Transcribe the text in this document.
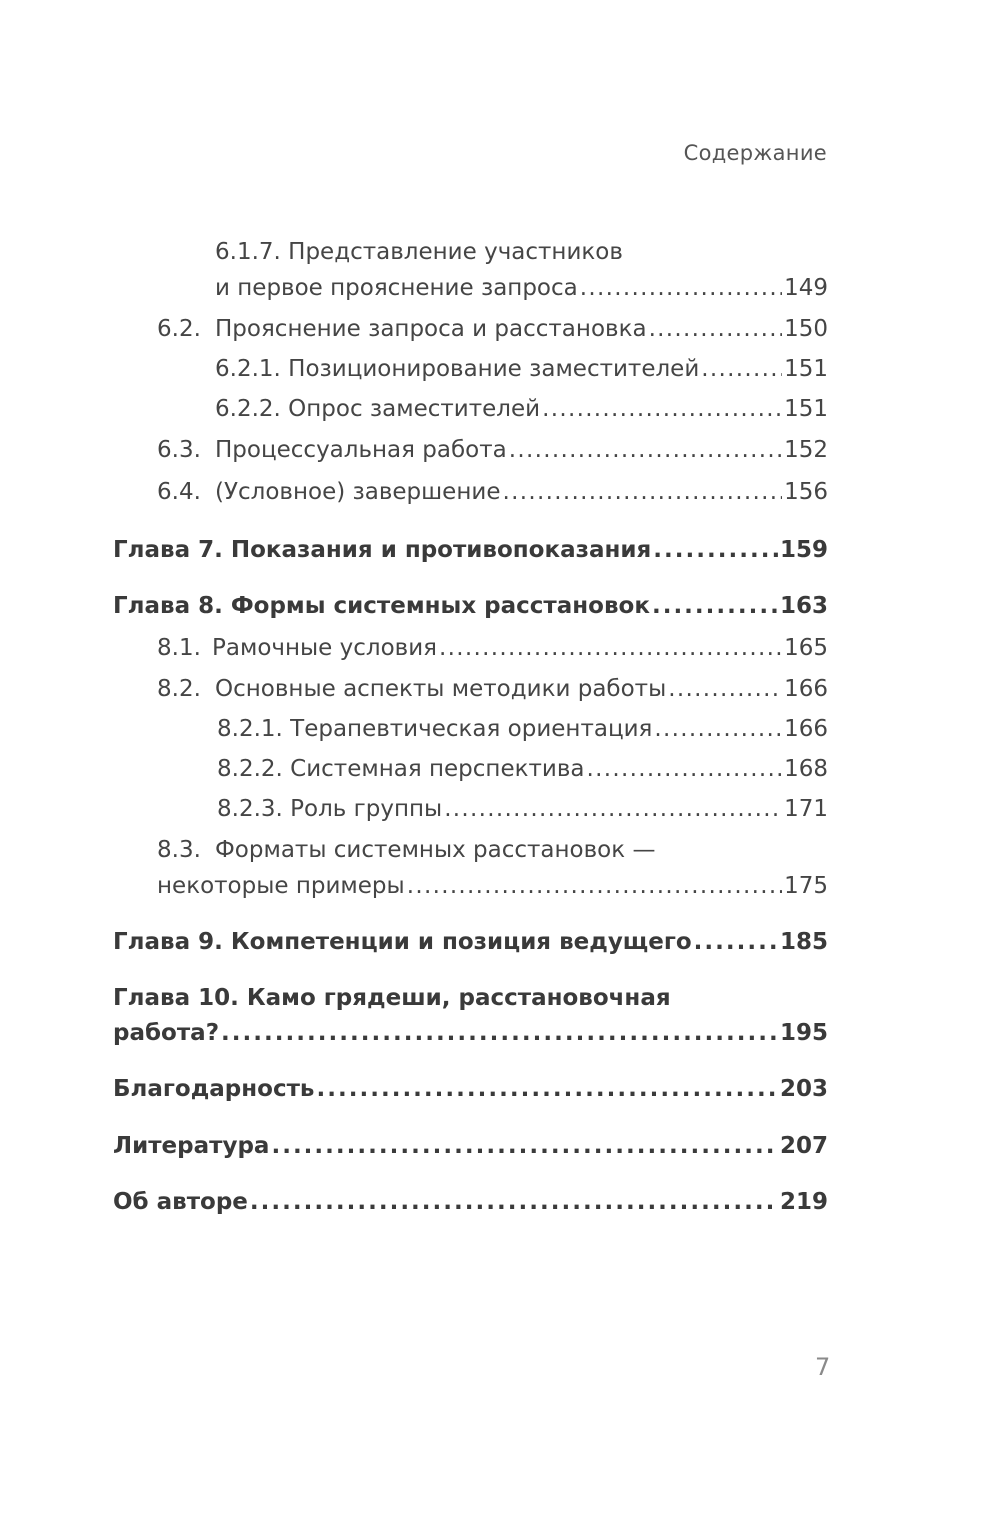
Содержание
6.1.7. Представление участников
и первое прояснение запроса . . .	149
6.2. Прояснение запроса и расстановка . . .	150
6.2.1. Позиционирование заместителей . . .	151
6.2.2. Опрос заместителей . . .	151
6.3. Процессуальная работа . . .	152
6.4. (Условное) завершение . . .	156
Глава 7. Показания и противопоказания . . .	159
Глава 8. Формы системных расстановок . . .	163
8.1. Рамочные условия . . .	165
8.2. Основные аспекты методики работы . . .	166
8.2.1. Терапевтическая ориентация . . .	166
8.2.2. Системная перспектива . . .	168
8.2.3. Роль группы . . .	171
8.3. Форматы системных расстановок —
некоторые примеры . . .	175
Глава 9. Компетенции и позиция ведущего . . .	185
Глава 10. Камо грядеши, расстановочная
работа? . . .	195
Благодарность . . .	203
Литература . . .	207
Об авторе . . .	219
7
